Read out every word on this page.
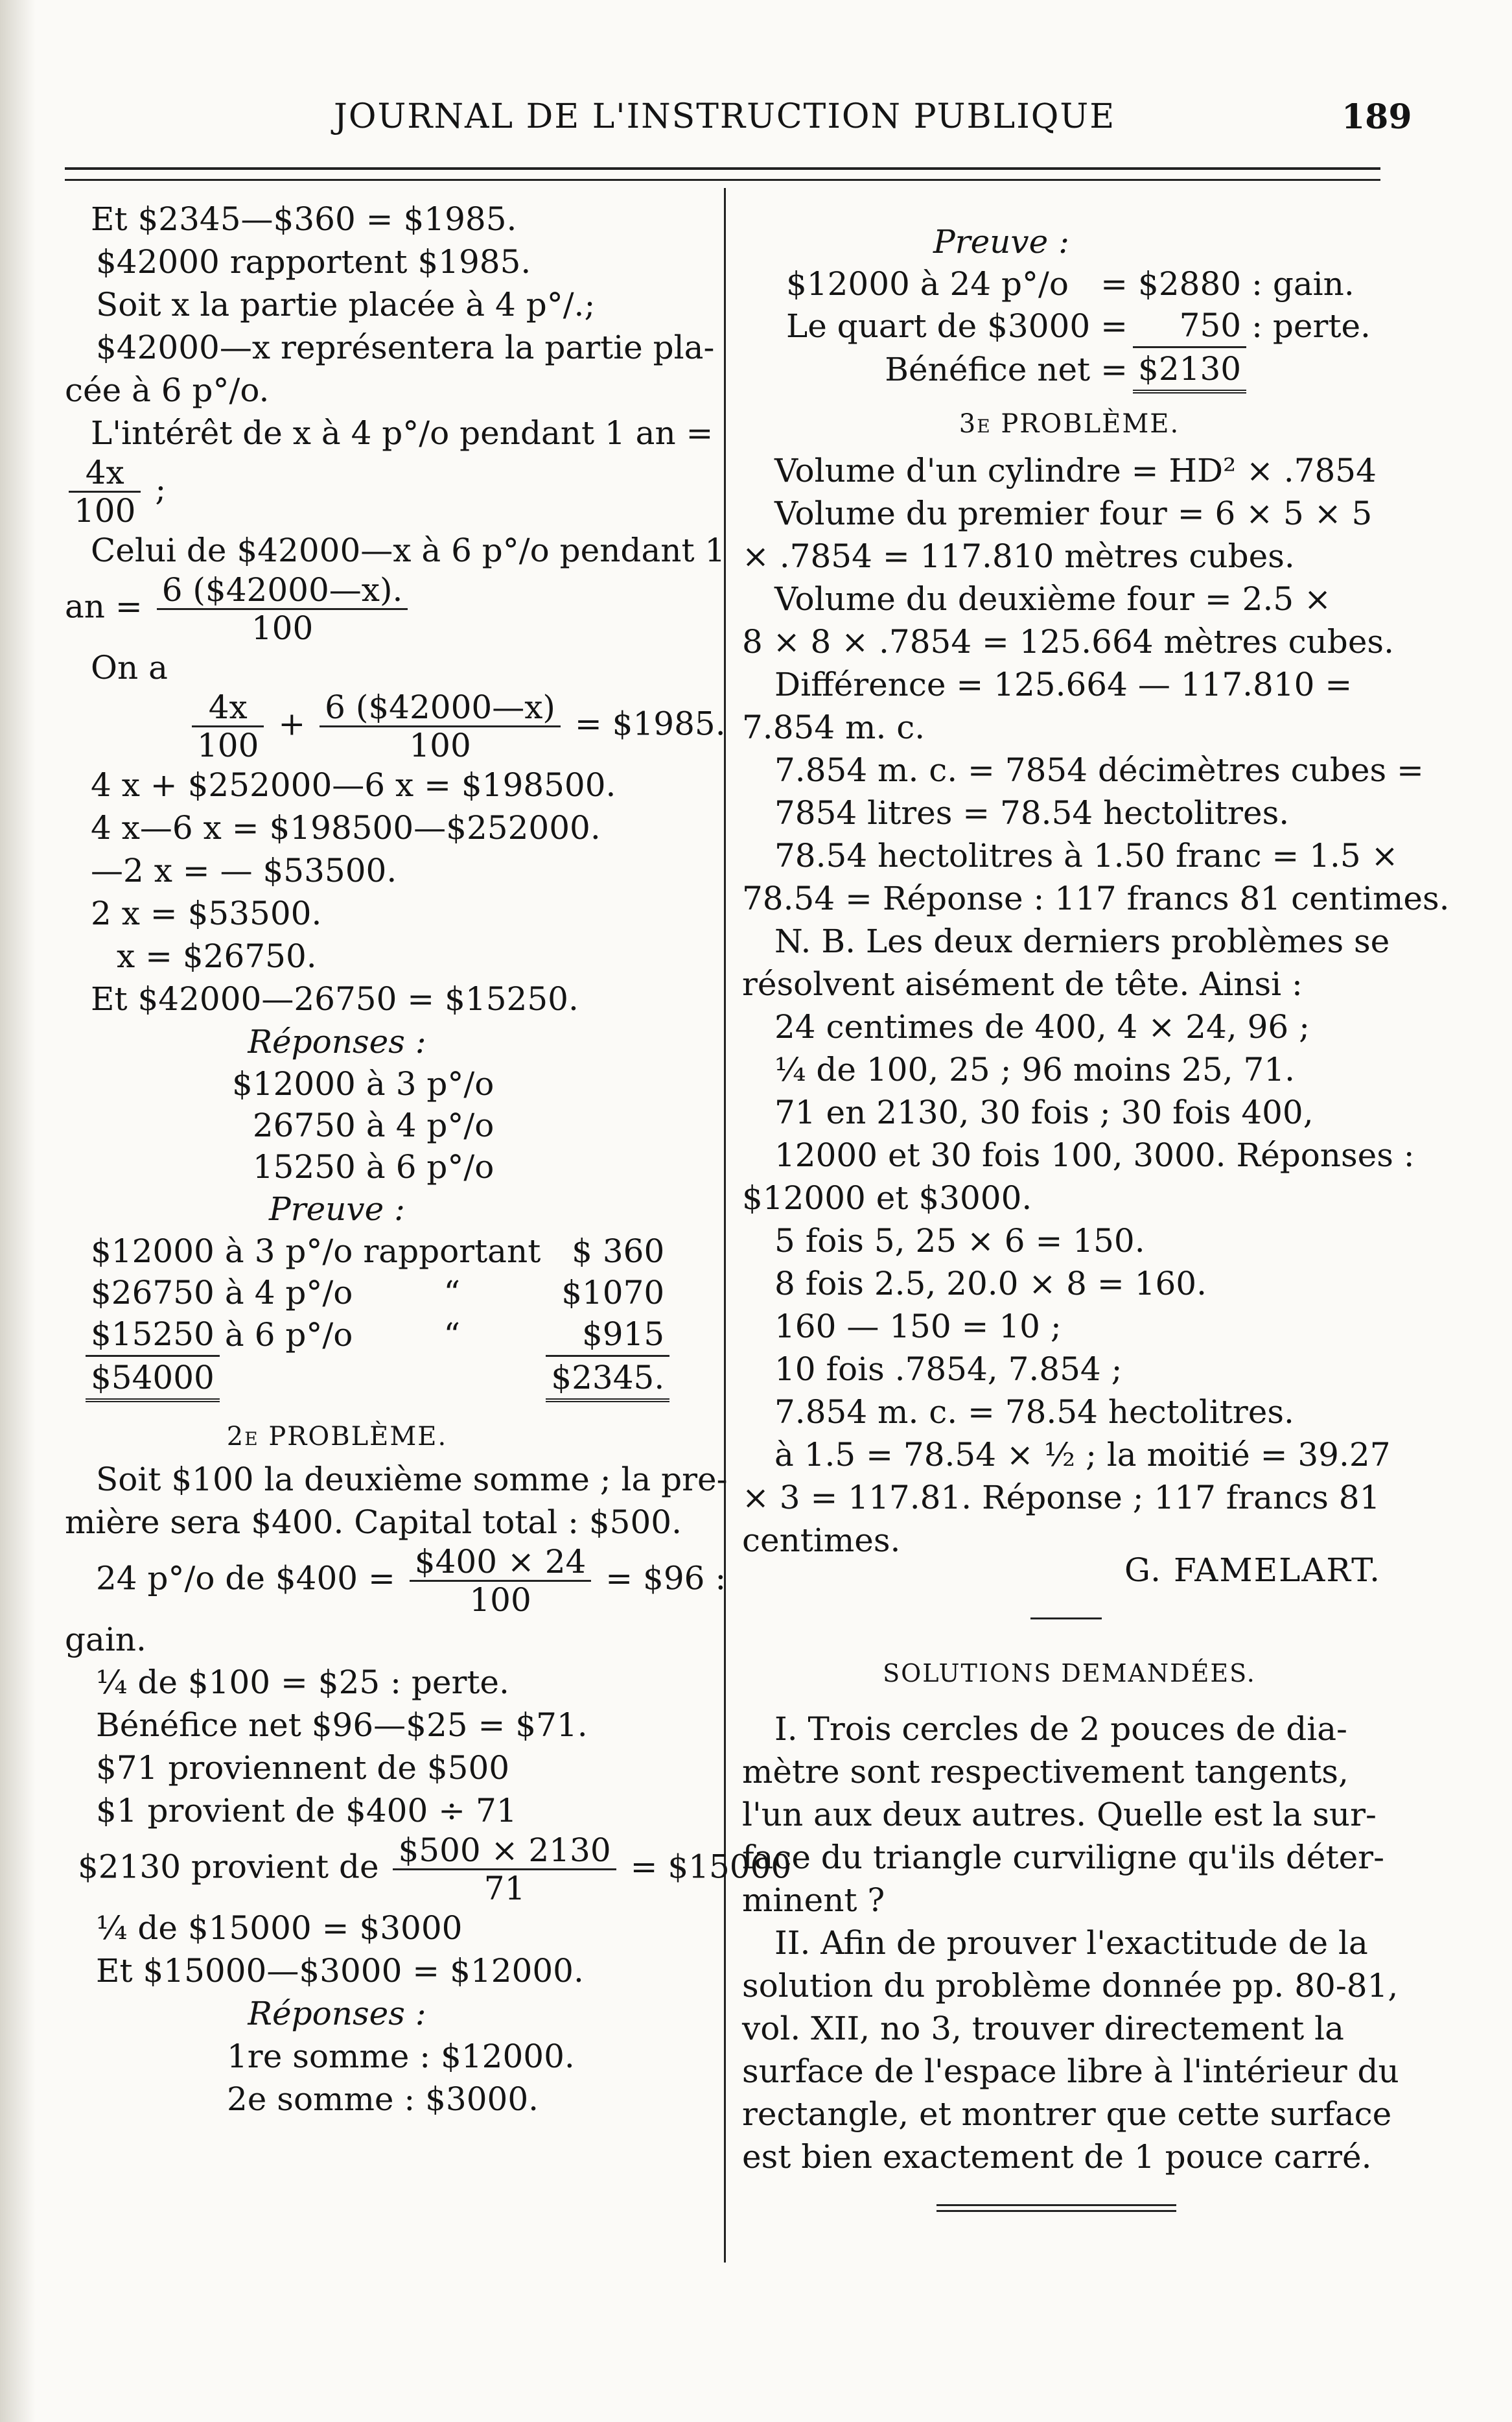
JOURNAL DE L'INSTRUCTION PUBLIQUE	189
Et $2345—$360 = $1985.
$42000 rapportent $1985.
Soit x la partie placée à 4 p°/.;
$42000—x représentera la partie pla-
cée à 6 p°/o.
L'intérêt de x à 4 p°/o pendant 1 an =
$\frac{4x}{100}$ ;
Celui de $42000—x à 6 p°/o pendant 1
an = $\frac{6 (\$42000—x).}{100}$
On a
$\frac{4x}{100} + \frac{6 (\$42000—x)}{100}$ = $1985.
4 x + $252000—6 x = $198500.
4 x—6 x = $198500—$252000.
—2 x = — $53500.
2 x = $53500.
x = $26750.
Et $42000—26750 = $15250.
Réponses :
$12000	à	3 p°/o
26750	à	4 p°/o
15250	à	6 p°/o
Preuve :
$12000	à	3 p°/o	rapportant	$ 360
$26750	à	4 p°/o	“	$1070
$15250	à	6 p°/o	“	$915
$54000				$2345.
2e PROBLÈME.
Soit $100 la deuxième somme ; la pre-
mière sera $400. Capital total : $500.
24 p°/o de $400 = $\frac{\$400 \times 24}{100}$ = $96 :
gain.
¼ de $100 = $25 : perte.
Bénéfice net $96—$25 = $71.
$71 proviennent de $500
$1 provient de $400 ÷ 71
$2130 provient de $\frac{\$500 \times 2130}{71}$ = $15000
¼ de $15000 = $3000
Et $15000—$3000 = $12000.
Réponses :
1re somme : $12000.
2e somme : $3000.
Preuve :
$12000 à 24 p°/o	=	$2880	: gain.
Le quart de $3000	=	750	: perte.
Bénéfice net	=	$2130	
3e PROBLÈME.
Volume d'un cylindre = HD² × .7854
Volume du premier four = 6 × 5 × 5
× .7854 = 117.810 mètres cubes.
Volume du deuxième four = 2.5 ×
8 × 8 × .7854 = 125.664 mètres cubes.
Différence = 125.664 — 117.810 =
7.854 m. c.
7.854 m. c. = 7854 décimètres cubes =
7854 litres = 78.54 hectolitres.
78.54 hectolitres à 1.50 franc = 1.5 ×
78.54 = Réponse : 117 francs 81 centimes.
N. B. Les deux derniers problèmes se
résolvent aisément de tête. Ainsi :
24 centimes de 400, 4 × 24, 96 ;
¼ de 100, 25 ; 96 moins 25, 71.
71 en 2130, 30 fois ; 30 fois 400,
12000 et 30 fois 100, 3000. Réponses :
$12000 et $3000.
5 fois 5, 25 × 6 = 150.
8 fois 2.5, 20.0 × 8 = 160.
160 — 150 = 10 ;
10 fois .7854, 7.854 ;
7.854 m. c. = 78.54 hectolitres.
à 1.5 = 78.54 × ½ ; la moitié = 39.27
× 3 = 117.81. Réponse ; 117 francs 81
centimes.
G. FAMELART.
SOLUTIONS DEMANDÉES.
I. Trois cercles de 2 pouces de dia-
mètre sont respectivement tangents,
l'un aux deux autres. Quelle est la sur-
face du triangle curviligne qu'ils déter-
minent ?
II. Afin de prouver l'exactitude de la
solution du problème donnée pp. 80-81,
vol. XII, no 3, trouver directement la
surface de l'espace libre à l'intérieur du
rectangle, et montrer que cette surface
est bien exactement de 1 pouce carré.
